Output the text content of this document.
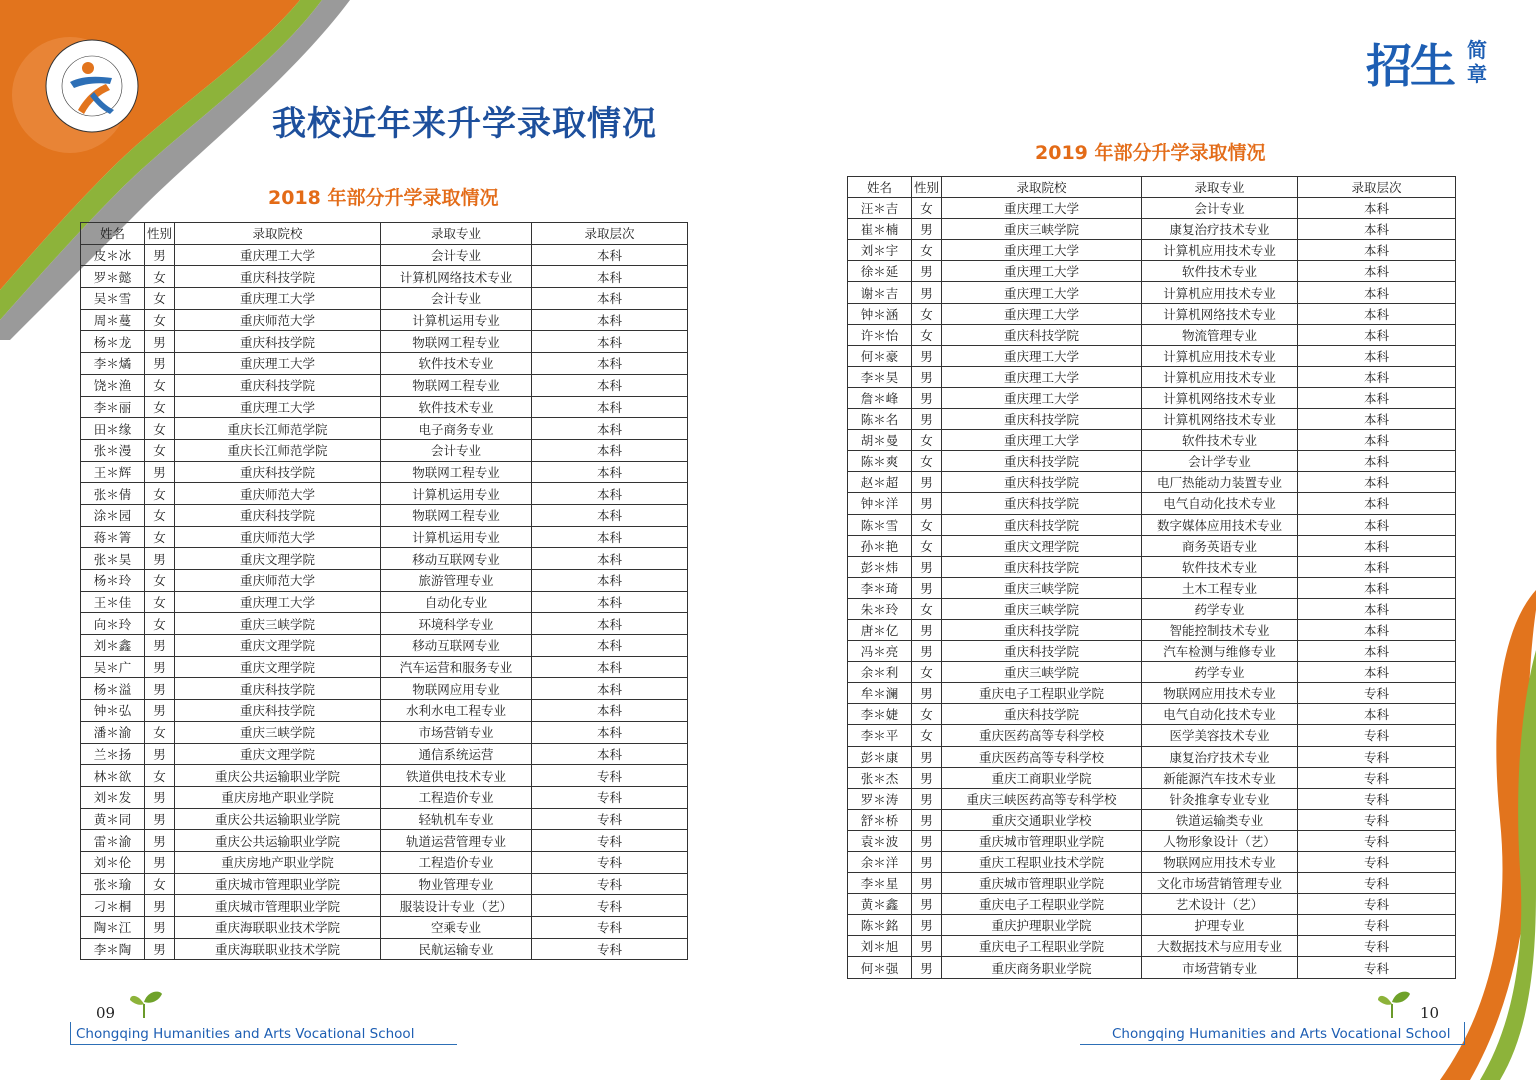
我校近年来升学录取情况
招生 简章
2018 年部分升学录取情况
2019 年部分升学录取情况
姓名	性别	录取院校	录取专业	录取层次
皮＊冰	男	重庆理工大学	会计专业	本科
罗＊懿	女	重庆科技学院	计算机网络技术专业	本科
吴＊雪	女	重庆理工大学	会计专业	本科
周＊蔓	女	重庆师范大学	计算机运用专业	本科
杨＊龙	男	重庆科技学院	物联网工程专业	本科
李＊燏	男	重庆理工大学	软件技术专业	本科
饶＊渔	女	重庆科技学院	物联网工程专业	本科
李＊丽	女	重庆理工大学	软件技术专业	本科
田＊缘	女	重庆长江师范学院	电子商务专业	本科
张＊漫	女	重庆长江师范学院	会计专业	本科
王＊辉	男	重庆科技学院	物联网工程专业	本科
张＊倩	女	重庆师范大学	计算机运用专业	本科
涂＊园	女	重庆科技学院	物联网工程专业	本科
蒋＊箐	女	重庆师范大学	计算机运用专业	本科
张＊昊	男	重庆文理学院	移动互联网专业	本科
杨＊玲	女	重庆师范大学	旅游管理专业	本科
王＊佳	女	重庆理工大学	自动化专业	本科
向＊玲	女	重庆三峡学院	环境科学专业	本科
刘＊鑫	男	重庆文理学院	移动互联网专业	本科
吴＊广	男	重庆文理学院	汽车运营和服务专业	本科
杨＊溢	男	重庆科技学院	物联网应用专业	本科
钟＊弘	男	重庆科技学院	水利水电工程专业	本科
潘＊渝	女	重庆三峡学院	市场营销专业	本科
兰＊扬	男	重庆文理学院	通信系统运营	本科
林＊欲	女	重庆公共运输职业学院	铁道供电技术专业	专科
刘＊发	男	重庆房地产职业学院	工程造价专业	专科
黄＊同	男	重庆公共运输职业学院	轻轨机车专业	专科
雷＊渝	男	重庆公共运输职业学院	轨道运营管理专业	专科
刘＊伦	男	重庆房地产职业学院	工程造价专业	专科
张＊瑜	女	重庆城市管理职业学院	物业管理专业	专科
刁＊桐	男	重庆城市管理职业学院	服装设计专业（艺）	专科
陶＊江	男	重庆海联职业技术学院	空乘专业	专科
李＊陶	男	重庆海联职业技术学院	民航运输专业	专科
姓名	性别	录取院校	录取专业	录取层次
汪＊吉	女	重庆理工大学	会计专业	本科
崔＊楠	男	重庆三峡学院	康复治疗技术专业	本科
刘＊宇	女	重庆理工大学	计算机应用技术专业	本科
徐＊延	男	重庆理工大学	软件技术专业	本科
谢＊吉	男	重庆理工大学	计算机应用技术专业	本科
钟＊涵	女	重庆理工大学	计算机网络技术专业	本科
许＊怡	女	重庆科技学院	物流管理专业	本科
何＊豪	男	重庆理工大学	计算机应用技术专业	本科
李＊昊	男	重庆理工大学	计算机应用技术专业	本科
詹＊峰	男	重庆理工大学	计算机网络技术专业	本科
陈＊名	男	重庆科技学院	计算机网络技术专业	本科
胡＊曼	女	重庆理工大学	软件技术专业	本科
陈＊爽	女	重庆科技学院	会计学专业	本科
赵＊超	男	重庆科技学院	电厂热能动力装置专业	本科
钟＊洋	男	重庆科技学院	电气自动化技术专业	本科
陈＊雪	女	重庆科技学院	数字媒体应用技术专业	本科
孙＊艳	女	重庆文理学院	商务英语专业	本科
彭＊炜	男	重庆科技学院	软件技术专业	本科
李＊琦	男	重庆三峡学院	土木工程专业	本科
朱＊玲	女	重庆三峡学院	药学专业	本科
唐＊亿	男	重庆科技学院	智能控制技术专业	本科
冯＊亮	男	重庆科技学院	汽车检测与维修专业	本科
余＊利	女	重庆三峡学院	药学专业	本科
牟＊澜	男	重庆电子工程职业学院	物联网应用技术专业	专科
李＊婕	女	重庆科技学院	电气自动化技术专业	本科
李＊平	女	重庆医药高等专科学校	医学美容技术专业	专科
彭＊康	男	重庆医药高等专科学校	康复治疗技术专业	专科
张＊杰	男	重庆工商职业学院	新能源汽车技术专业	专科
罗＊涛	男	重庆三峡医药高等专科学校	针灸推拿专业专业	专科
舒＊桥	男	重庆交通职业学校	铁道运输类专业	专科
袁＊波	男	重庆城市管理职业学院	人物形象设计（艺）	专科
余＊洋	男	重庆工程职业技术学院	物联网应用技术专业	专科
李＊星	男	重庆城市管理职业学院	文化市场营销管理专业	专科
黄＊鑫	男	重庆电子工程职业学院	艺术设计（艺）	专科
陈＊銘	男	重庆护理职业学院	护理专业	专科
刘＊旭	男	重庆电子工程职业学院	大数据技术与应用专业	专科
何＊强	男	重庆商务职业学院	市场营销专业	专科
09
Chongqing Humanities and Arts Vocational School
10
Chongqing Humanities and Arts Vocational School
